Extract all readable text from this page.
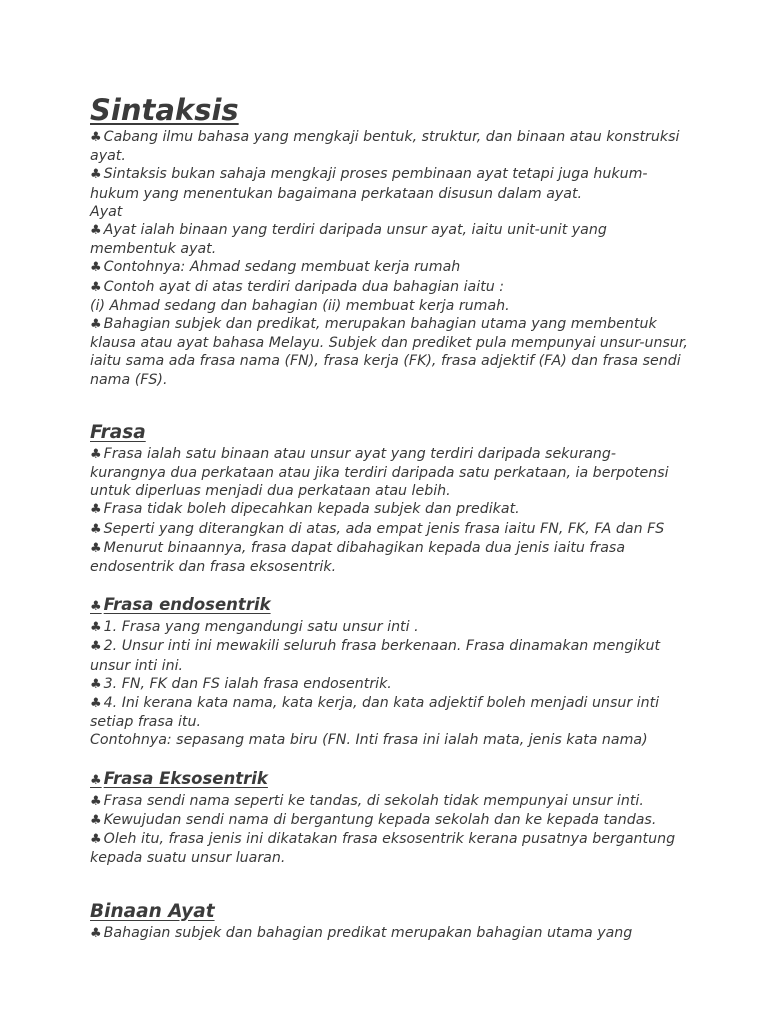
Sintaksis

♣ Cabang ilmu bahasa yang mengkaji bentuk, struktur, dan binaan atau konstruksi ayat.

♣ Sintaksis bukan sahaja mengkaji proses pembinaan ayat tetapi juga hukum-hukum yang menentukan bagaimana perkataan disusun dalam ayat.

Ayat

♣ Ayat ialah binaan yang terdiri daripada unsur ayat, iaitu unit-unit yang membentuk ayat.

♣ Contohnya: Ahmad sedang membuat kerja rumah

♣ Contoh ayat di atas terdiri daripada dua bahagian iaitu :

(i) Ahmad sedang dan bahagian (ii) membuat kerja rumah.

♣ Bahagian subjek dan predikat, merupakan bahagian utama yang membentuk klausa atau ayat bahasa Melayu. Subjek dan prediket pula mempunyai unsur-unsur, iaitu sama ada frasa nama (FN), frasa kerja (FK), frasa adjektif (FA) dan frasa sendi nama (FS).

Frasa

♣ Frasa ialah satu binaan atau unsur ayat yang terdiri daripada sekurang-kurangnya dua perkataan atau jika terdiri daripada satu perkataan, ia berpotensi untuk diperluas menjadi dua perkataan atau lebih.

♣ Frasa tidak boleh dipecahkan kepada subjek dan predikat.

♣ Seperti yang diterangkan di atas, ada empat jenis frasa iaitu FN, FK, FA dan FS

♣ Menurut binaannya, frasa dapat dibahagikan kepada dua jenis iaitu frasa endosentrik dan frasa eksosentrik.

♣ Frasa endosentrik

♣ 1. Frasa yang mengandungi satu unsur inti .

♣ 2. Unsur inti ini mewakili seluruh frasa berkenaan. Frasa dinamakan mengikut unsur inti ini.

♣ 3. FN, FK dan FS ialah frasa endosentrik.

♣ 4. Ini kerana kata nama, kata kerja, dan kata adjektif boleh menjadi unsur inti setiap frasa itu.

Contohnya: sepasang mata biru (FN. Inti frasa ini ialah mata, jenis kata nama)

♣ Frasa Eksosentrik

♣ Frasa sendi nama seperti ke tandas, di sekolah tidak mempunyai unsur inti.

♣ Kewujudan sendi nama di bergantung kepada sekolah dan ke kepada tandas.

♣ Oleh itu, frasa jenis ini dikatakan frasa eksosentrik kerana pusatnya bergantung kepada suatu unsur luaran.

Binaan Ayat

♣ Bahagian subjek dan bahagian predikat merupakan bahagian utama yang
